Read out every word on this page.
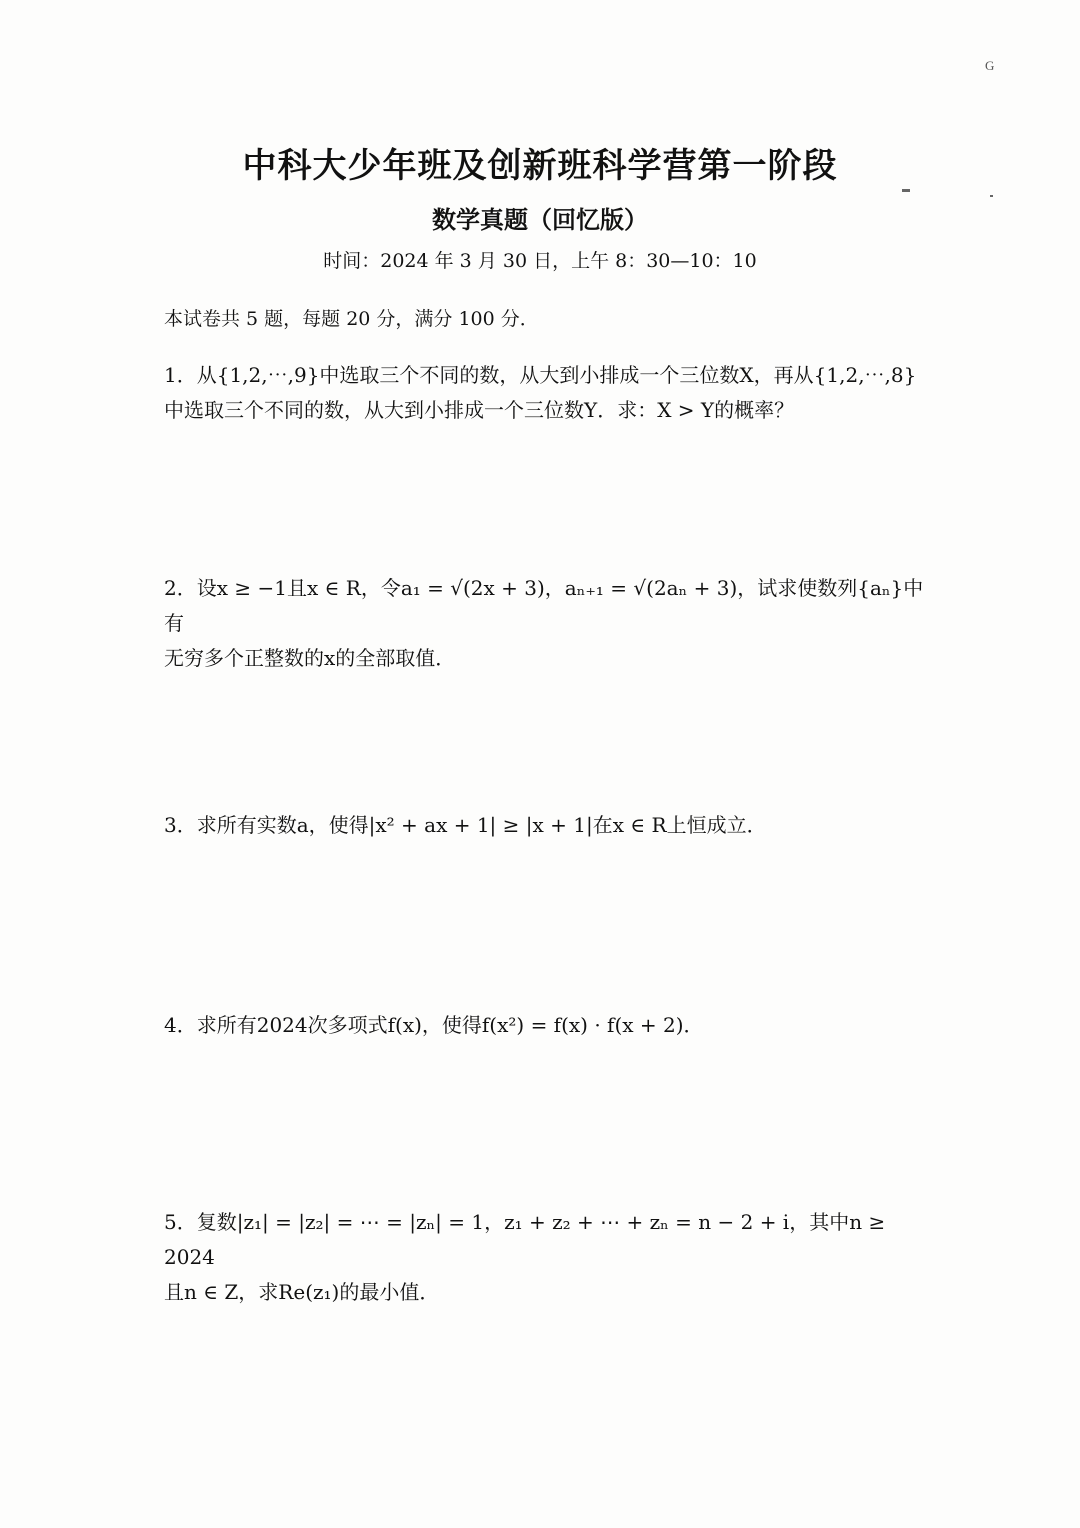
G
中科大少年班及创新班科学营第一阶段
数学真题（回忆版）
时间：2024 年 3 月 30 日，上午 8：30—10：10
本试卷共 5 题，每题 20 分，满分 100 分．
1．从{1,2,⋯,9}中选取三个不同的数，从大到小排成一个三位数X，再从{1,2,⋯,8}
中选取三个不同的数，从大到小排成一个三位数Y．求：X > Y的概率？
2．设x ≥ −1且x ∈ R，令a₁ = √(2x + 3)，aₙ₊₁ = √(2aₙ + 3)，试求使数列{aₙ}中有
无穷多个正整数的x的全部取值．
3．求所有实数a，使得|x² + ax + 1| ≥ |x + 1|在x ∈ R上恒成立．
4．求所有2024次多项式f(x)，使得f(x²) = f(x) · f(x + 2)．
5．复数|z₁| = |z₂| = ⋯ = |zₙ| = 1，z₁ + z₂ + ⋯ + zₙ = n − 2 + i，其中n ≥ 2024
且n ∈ Z，求Re(z₁)的最小值．
